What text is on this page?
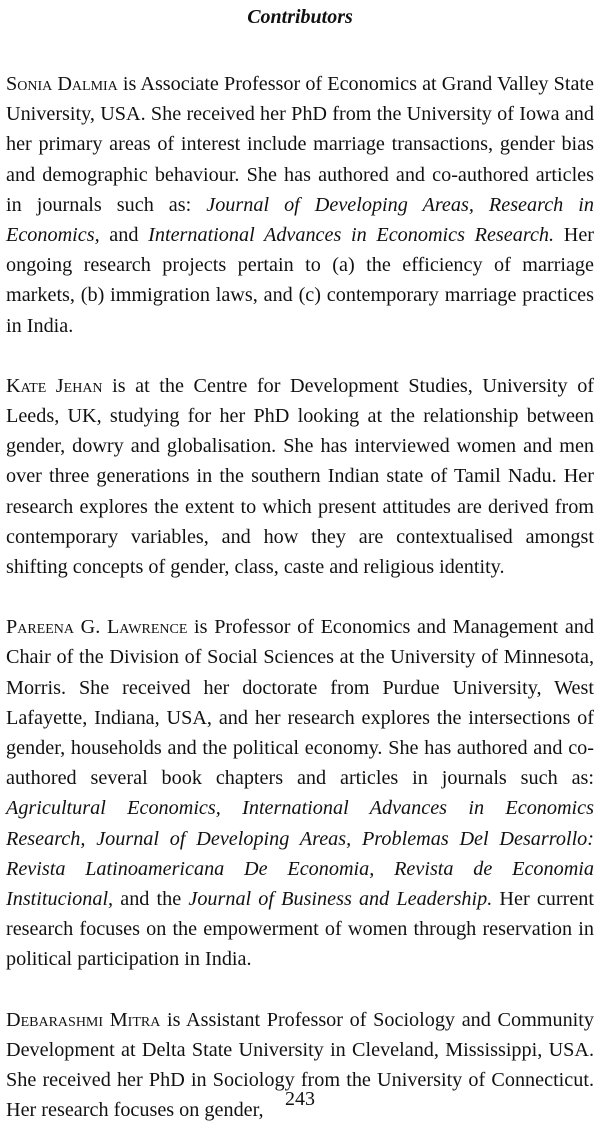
Contributors

Sonia Dalmia is Associate Professor of Economics at Grand Valley State University, USA. She received her PhD from the University of Iowa and her primary areas of interest include marriage transactions, gender bias and demographic behaviour. She has authored and co-authored articles in journals such as: Journal of Developing Areas, Research in Economics, and International Advances in Economics Research. Her ongoing research projects pertain to (a) the efficiency of marriage markets, (b) immigration laws, and (c) contemporary marriage practices in India.

Kate Jehan is at the Centre for Development Studies, University of Leeds, UK, studying for her PhD looking at the relationship between gender, dowry and globalisation. She has interviewed women and men over three generations in the southern Indian state of Tamil Nadu. Her research explores the extent to which present attitudes are derived from contemporary variables, and how they are contextualised amongst shifting concepts of gender, class, caste and religious identity.

Pareena G. Lawrence is Professor of Economics and Management and Chair of the Division of Social Sciences at the University of Minnesota, Morris. She received her doctorate from Purdue University, West Lafayette, Indiana, USA, and her research explores the intersections of gender, households and the political economy. She has authored and co-authored several book chapters and articles in journals such as: Agricultural Economics, International Advances in Economics Research, Journal of Developing Areas, Problemas Del Desarrollo: Revista Latinoamericana De Economia, Revista de Economia Institucional, and the Journal of Business and Leadership. Her current research focuses on the empowerment of women through reservation in political participation in India.

Debarashmi Mitra is Assistant Professor of Sociology and Community Development at Delta State University in Cleveland, Mississippi, USA. She received her PhD in Sociology from the University of Connecticut. Her research focuses on gender,

243
